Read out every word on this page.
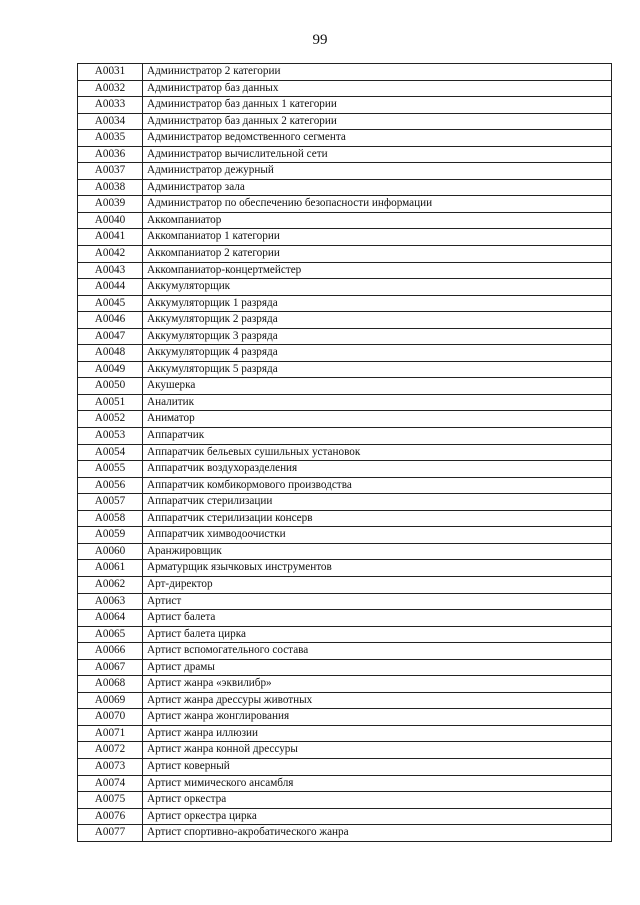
99
A0031	Администратор 2 категории
A0032	Администратор баз данных
A0033	Администратор баз данных 1 категории
A0034	Администратор баз данных 2 категории
A0035	Администратор ведомственного сегмента
A0036	Администратор вычислительной сети
A0037	Администратор дежурный
A0038	Администратор зала
A0039	Администратор по обеспечению безопасности информации
A0040	Аккомпаниатор
A0041	Аккомпаниатор 1 категории
A0042	Аккомпаниатор 2 категории
A0043	Аккомпаниатор-концертмейстер
A0044	Аккумуляторщик
A0045	Аккумуляторщик 1 разряда
A0046	Аккумуляторщик 2 разряда
A0047	Аккумуляторщик 3 разряда
A0048	Аккумуляторщик 4 разряда
A0049	Аккумуляторщик 5 разряда
A0050	Акушерка
A0051	Аналитик
A0052	Аниматор
A0053	Аппаратчик
A0054	Аппаратчик бельевых сушильных установок
A0055	Аппаратчик воздухоразделения
A0056	Аппаратчик комбикормового производства
A0057	Аппаратчик стерилизации
A0058	Аппаратчик стерилизации консерв
A0059	Аппаратчик химводоочистки
A0060	Аранжировщик
A0061	Арматурщик язычковых инструментов
A0062	Арт-директор
A0063	Артист
A0064	Артист балета
A0065	Артист балета цирка
A0066	Артист вспомогательного состава
A0067	Артист драмы
A0068	Артист жанра «эквилибр»
A0069	Артист жанра дрессуры животных
A0070	Артист жанра жонглирования
A0071	Артист жанра иллюзии
A0072	Артист жанра конной дрессуры
A0073	Артист коверный
A0074	Артист мимического ансамбля
A0075	Артист оркестра
A0076	Артист оркестра цирка
A0077	Артист спортивно-акробатического жанра
